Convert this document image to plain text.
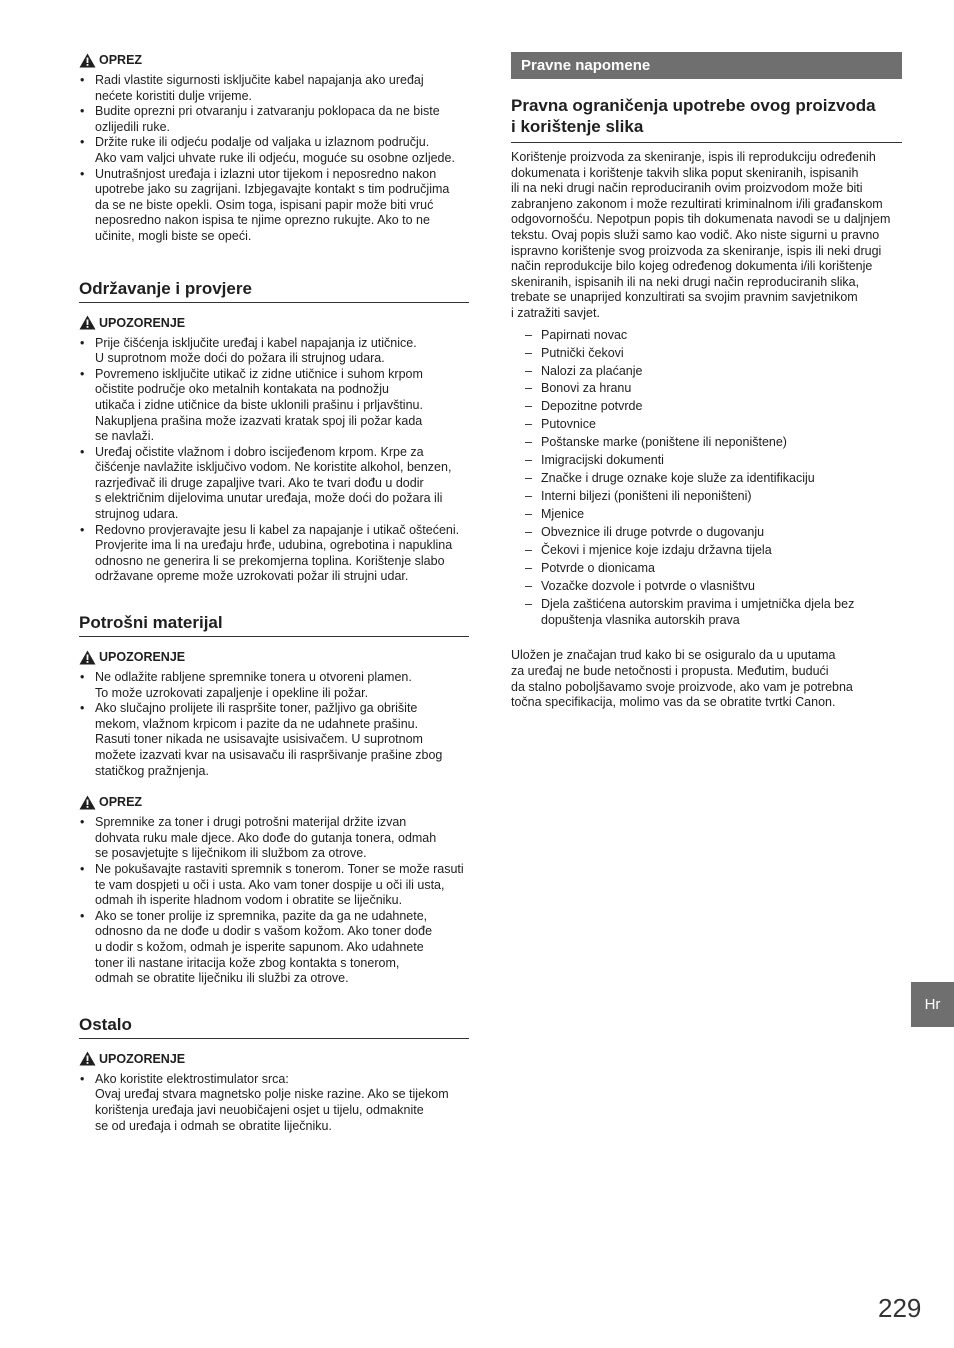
OPREZ
• Radi vlastite sigurnosti isključite kabel napajanja ako uređaj
nećete koristiti dulje vrijeme.
• Budite oprezni pri otvaranju i zatvaranju poklopaca da ne biste
ozlijedili ruke.
• Držite ruke ili odjeću podalje od valjaka u izlaznom području.
Ako vam valjci uhvate ruke ili odjeću, moguće su osobne ozljede.
• Unutrašnjost uređaja i izlazni utor tijekom i neposredno nakon
upotrebe jako su zagrijani. Izbjegavajte kontakt s tim područjima
da se ne biste opekli. Osim toga, ispisani papir može biti vruć
neposredno nakon ispisa te njime oprezno rukujte. Ako to ne
učinite, mogli biste se opeći.
Održavanje i provjere
UPOZORENJE
• Prije čišćenja isključite uređaj i kabel napajanja iz utičnice.
U suprotnom može doći do požara ili strujnog udara.
• Povremeno isključite utikač iz zidne utičnice i suhom krpom
očistite područje oko metalnih kontakata na podnožju
utikača i zidne utičnice da biste uklonili prašinu i prljavštinu.
Nakupljena prašina može izazvati kratak spoj ili požar kada
se navlaži.
• Uređaj očistite vlažnom i dobro iscijeđenom krpom. Krpe za
čišćenje navlažite isključivo vodom. Ne koristite alkohol, benzen,
razrjeđivač ili druge zapaljive tvari. Ako te tvari dođu u dodir
s električnim dijelovima unutar uređaja, može doći do požara ili
strujnog udara.
• Redovno provjeravajte jesu li kabel za napajanje i utikač oštećeni.
Provjerite ima li na uređaju hrđe, udubina, ogrebotina i napuklina
odnosno ne generira li se prekomjerna toplina. Korištenje slabo
održavane opreme može uzrokovati požar ili strujni udar.
Potrošni materijal
UPOZORENJE
• Ne odlažite rabljene spremnike tonera u otvoreni plamen.
To može uzrokovati zapaljenje i opekline ili požar.
• Ako slučajno prolijete ili raspršite toner, pažljivo ga obrišite
mekom, vlažnom krpicom i pazite da ne udahnete prašinu.
Rasuti toner nikada ne usisavajte usisivačem. U suprotnom
možete izazvati kvar na usisavaču ili raspršivanje prašine zbog
statičkog pražnjenja.
OPREZ
• Spremnike za toner i drugi potrošni materijal držite izvan
dohvata ruku male djece. Ako dođe do gutanja tonera, odmah
se posavjetujte s liječnikom ili službom za otrove.
• Ne pokušavajte rastaviti spremnik s tonerom. Toner se može rasuti
te vam dospjeti u oči i usta. Ako vam toner dospije u oči ili usta,
odmah ih isperite hladnom vodom i obratite se liječniku.
• Ako se toner prolije iz spremnika, pazite da ga ne udahnete,
odnosno da ne dođe u dodir s vašom kožom. Ako toner dođe
u dodir s kožom, odmah je isperite sapunom. Ako udahnete
toner ili nastane iritacija kože zbog kontakta s tonerom,
odmah se obratite liječniku ili službi za otrove.
Ostalo
UPOZORENJE
• Ako koristite elektrostimulator srca:
Ovaj uređaj stvara magnetsko polje niske razine. Ako se tijekom
korištenja uređaja javi neuobičajeni osjet u tijelu, odmaknite
se od uređaja i odmah se obratite liječniku.
Pravne napomene
Pravna ograničenja upotrebe ovog proizvoda
i korištenje slika
Korištenje proizvoda za skeniranje, ispis ili reprodukciju određenih
dokumenata i korištenje takvih slika poput skeniranih, ispisanih
ili na neki drugi način reproduciranih ovim proizvodom može biti
zabranjeno zakonom i može rezultirati kriminalnom i/ili građanskom
odgovornošću. Nepotpun popis tih dokumenata navodi se u daljnjem
tekstu. Ovaj popis služi samo kao vodič. Ako niste sigurni u pravno
ispravno korištenje svog proizvoda za skeniranje, ispis ili neki drugi
način reprodukcije bilo kojeg određenog dokumenta i/ili korištenje
skeniranih, ispisanih ili na neki drugi način reproduciranih slika,
trebate se unaprijed konzultirati sa svojim pravnim savjetnikom
i zatražiti savjet.
– Papirnati novac
– Putnički čekovi
– Nalozi za plaćanje
– Bonovi za hranu
– Depozitne potvrde
– Putovnice
– Poštanske marke (poništene ili neponištene)
– Imigracijski dokumenti
– Značke i druge oznake koje služe za identifikaciju
– Interni biljezi (poništeni ili neponišteni)
– Mjenice
– Obveznice ili druge potvrde o dugovanju
– Čekovi i mjenice koje izdaju državna tijela
– Potvrde o dionicama
– Vozačke dozvole i potvrde o vlasništvu
– Djela zaštićena autorskim pravima i umjetnička djela bez
dopuštenja vlasnika autorskih prava
Uložen je značajan trud kako bi se osiguralo da u uputama
za uređaj ne bude netočnosti i propusta. Međutim, budući
da stalno poboljšavamo svoje proizvode, ako vam je potrebna
točna specifikacija, molimo vas da se obratite tvrtki Canon.
Hr
229
